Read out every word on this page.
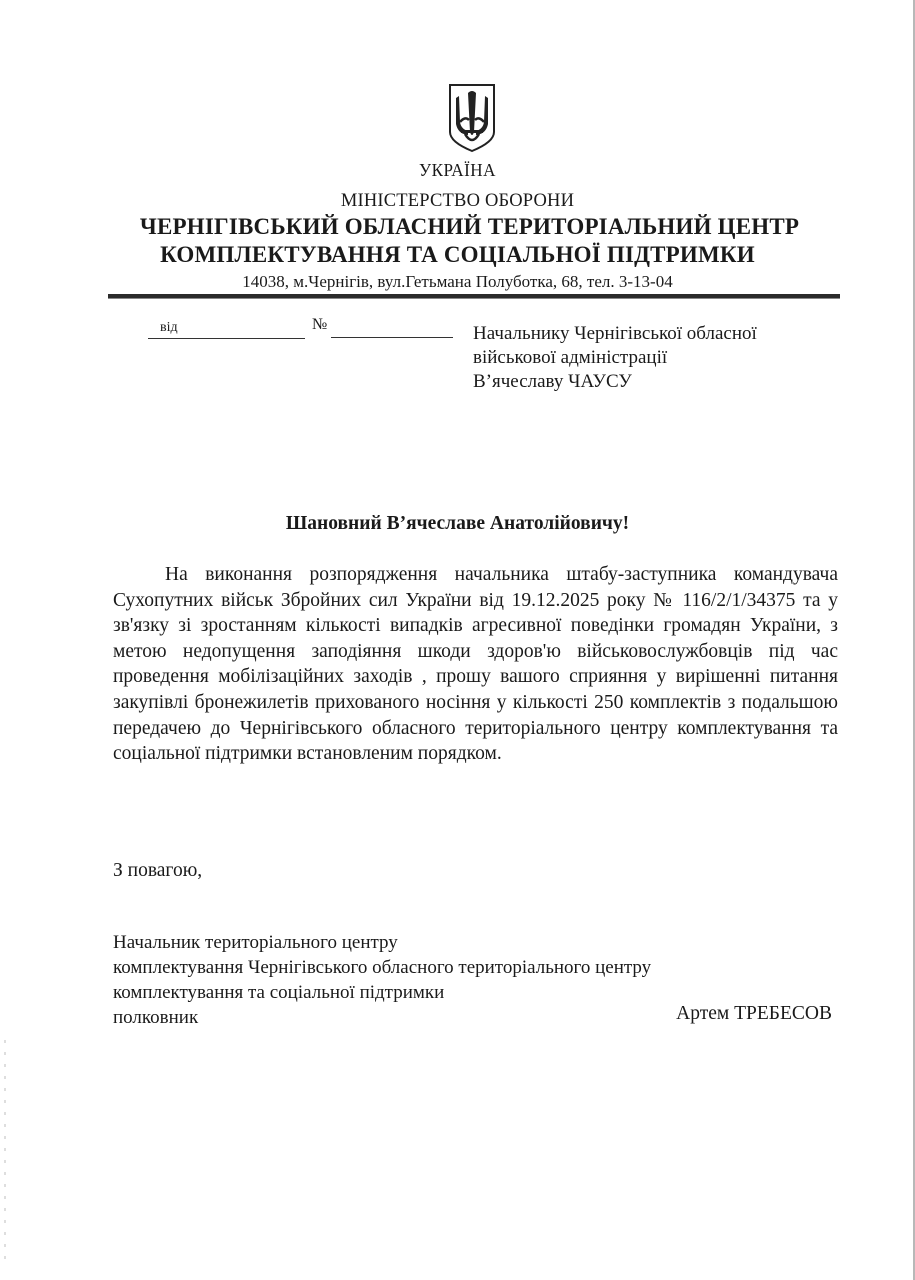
УКРАЇНА
МІНІСТЕРСТВО ОБОРОНИ
ЧЕРНІГІВСЬКИЙ ОБЛАСНИЙ ТЕРИТОРІАЛЬНИЙ ЦЕНТР
КОМПЛЕКТУВАННЯ ТА СОЦІАЛЬНОЇ ПІДТРИМКИ
14038, м.Чернігів, вул.Гетьмана Полуботка, 68, тел. 3-13-04
від	№	Начальнику Чернігівської обласної
військової адміністрації
В’ячеславу ЧАУСУ
Шановний В’ячеславе Анатолійовичу!

На виконання розпорядження начальника штабу-заступника командувача Сухопутних військ Збройних сил України від 19.12.2025 року № 116/2/1/34375 та у зв'язку зі зростанням кількості випадків агресивної поведінки громадян України, з метою недопущення заподіяння шкоди здоров'ю військовослужбовців під час проведення мобілізаційних заходів , прошу вашого сприяння у вирішенні питання закупівлі бронежилетів прихованого носіння у кількості 250 комплектів з подальшою передачею до Чернігівського обласного територіального центру комплектування та соціальної підтримки встановленим порядком.

З повагою,
Начальник територіального центру
комплектування Чернігівського обласного територіального центру
комплектування та соціальної підтримки
полковник	Артем ТРЕБЕСОВ
